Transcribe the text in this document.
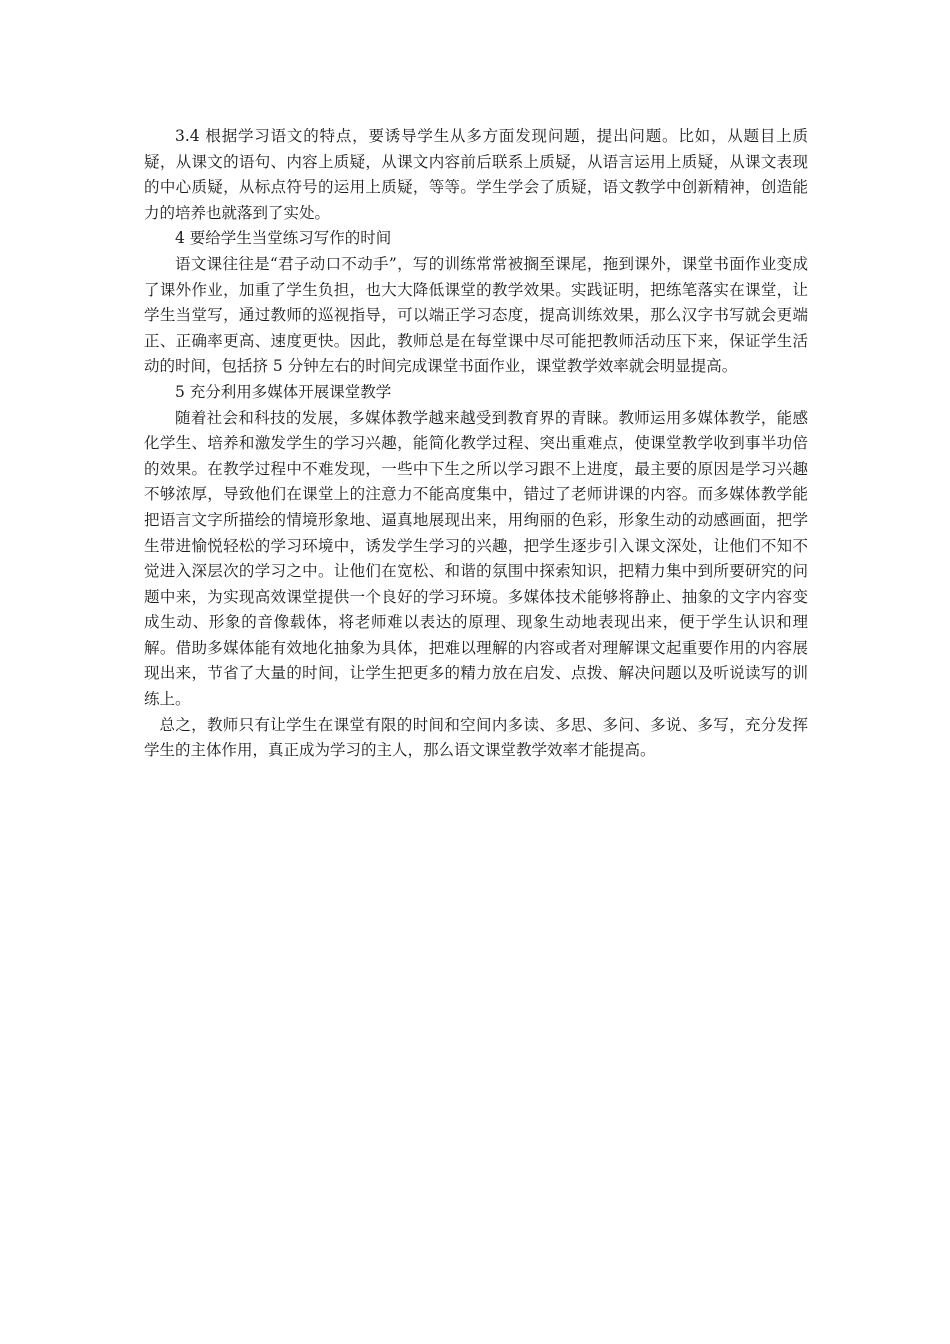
3.4 根据学习语文的特点，要诱导学生从多方面发现问题，提出问题。比如，从题目上质疑，从课文的语句、内容上质疑，从课文内容前后联系上质疑，从语言运用上质疑，从课文表现的中心质疑，从标点符号的运用上质疑，等等。学生学会了质疑，语文教学中创新精神，创造能力的培养也就落到了实处。

4 要给学生当堂练习写作的时间

语文课往往是“君子动口不动手”，写的训练常常被搁至课尾，拖到课外，课堂书面作业变成了课外作业，加重了学生负担，也大大降低课堂的教学效果。实践证明，把练笔落实在课堂，让学生当堂写，通过教师的巡视指导，可以端正学习态度，提高训练效果，那么汉字书写就会更端正、正确率更高、速度更快。因此，教师总是在每堂课中尽可能把教师活动压下来，保证学生活动的时间，包括挤 5 分钟左右的时间完成课堂书面作业，课堂教学效率就会明显提高。

5 充分利用多媒体开展课堂教学

随着社会和科技的发展，多媒体教学越来越受到教育界的青睐。教师运用多媒体教学，能感化学生、培养和激发学生的学习兴趣，能简化教学过程、突出重难点，使课堂教学收到事半功倍的效果。在教学过程中不难发现，一些中下生之所以学习跟不上进度，最主要的原因是学习兴趣不够浓厚，导致他们在课堂上的注意力不能高度集中，错过了老师讲课的内容。而多媒体教学能把语言文字所描绘的情境形象地、逼真地展现出来，用绚丽的色彩，形象生动的动感画面，把学生带进愉悦轻松的学习环境中，诱发学生学习的兴趣，把学生逐步引入课文深处，让他们不知不觉进入深层次的学习之中。让他们在宽松、和谐的氛围中探索知识，把精力集中到所要研究的问题中来，为实现高效课堂提供一个良好的学习环境。多媒体技术能够将静止、抽象的文字内容变成生动、形象的音像载体，将老师难以表达的原理、现象生动地表现出来，便于学生认识和理解。借助多媒体能有效地化抽象为具体，把难以理解的内容或者对理解课文起重要作用的内容展现出来，节省了大量的时间，让学生把更多的精力放在启发、点拨、解决问题以及听说读写的训练上。

总之，教师只有让学生在课堂有限的时间和空间内多读、多思、多问、多说、多写，充分发挥学生的主体作用，真正成为学习的主人，那么语文课堂教学效率才能提高。
